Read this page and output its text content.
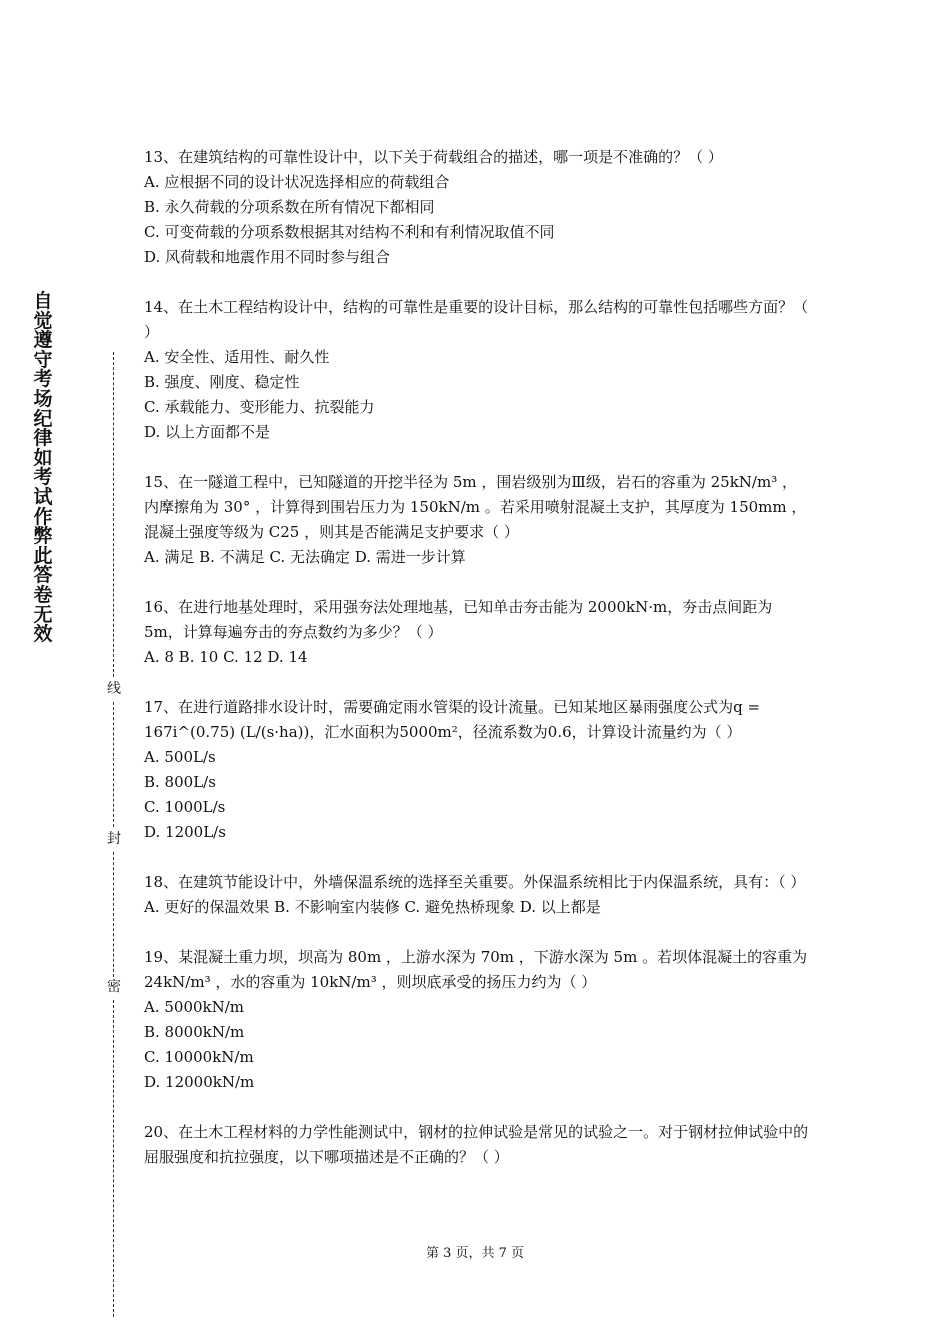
自觉遵守考场纪律如考试作弊此答卷无效
线
封
密

13、在建筑结构的可靠性设计中，以下关于荷载组合的描述，哪一项是不准确的？（ ）

A. 应根据不同的设计状况选择相应的荷载组合

B. 永久荷载的分项系数在所有情况下都相同

C. 可变荷载的分项系数根据其对结构不利和有利情况取值不同

D. 风荷载和地震作用不同时参与组合

14、在土木工程结构设计中，结构的可靠性是重要的设计目标，那么结构的可靠性包括哪些方面？（ ）

A. 安全性、适用性、耐久性

B. 强度、刚度、稳定性

C. 承载能力、变形能力、抗裂能力

D. 以上方面都不是

15、在一隧道工程中，已知隧道的开挖半径为 5m ，围岩级别为Ⅲ级，岩石的容重为 25kN/m³ ，内摩擦角为 30° ，计算得到围岩压力为 150kN/m 。若采用喷射混凝土支护，其厚度为 150mm ，混凝土强度等级为 C25 ，则其是否能满足支护要求（ ）

A. 满足 B. 不满足 C. 无法确定 D. 需进一步计算

16、在进行地基处理时，采用强夯法处理地基，已知单击夯击能为 2000kN·m，夯击点间距为 5m，计算每遍夯击的夯点数约为多少？（ ）

A. 8 B. 10 C. 12 D. 14

17、在进行道路排水设计时，需要确定雨水管渠的设计流量。已知某地区暴雨强度公式为q = 167i^(0.75) (L/(s·ha))，汇水面积为5000m²，径流系数为0.6，计算设计流量约为（ ）

A. 500L/s

B. 800L/s

C. 1000L/s

D. 1200L/s

18、在建筑节能设计中，外墙保温系统的选择至关重要。外保温系统相比于内保温系统，具有：（ ）

A. 更好的保温效果 B. 不影响室内装修 C. 避免热桥现象 D. 以上都是

19、某混凝土重力坝，坝高为 80m ，上游水深为 70m ，下游水深为 5m 。若坝体混凝土的容重为 24kN/m³ ，水的容重为 10kN/m³ ，则坝底承受的扬压力约为（ ）

A. 5000kN/m

B. 8000kN/m

C. 10000kN/m

D. 12000kN/m

20、在土木工程材料的力学性能测试中，钢材的拉伸试验是常见的试验之一。对于钢材拉伸试验中的屈服强度和抗拉强度，以下哪项描述是不正确的？（ ）

第 3 页，共 7 页
